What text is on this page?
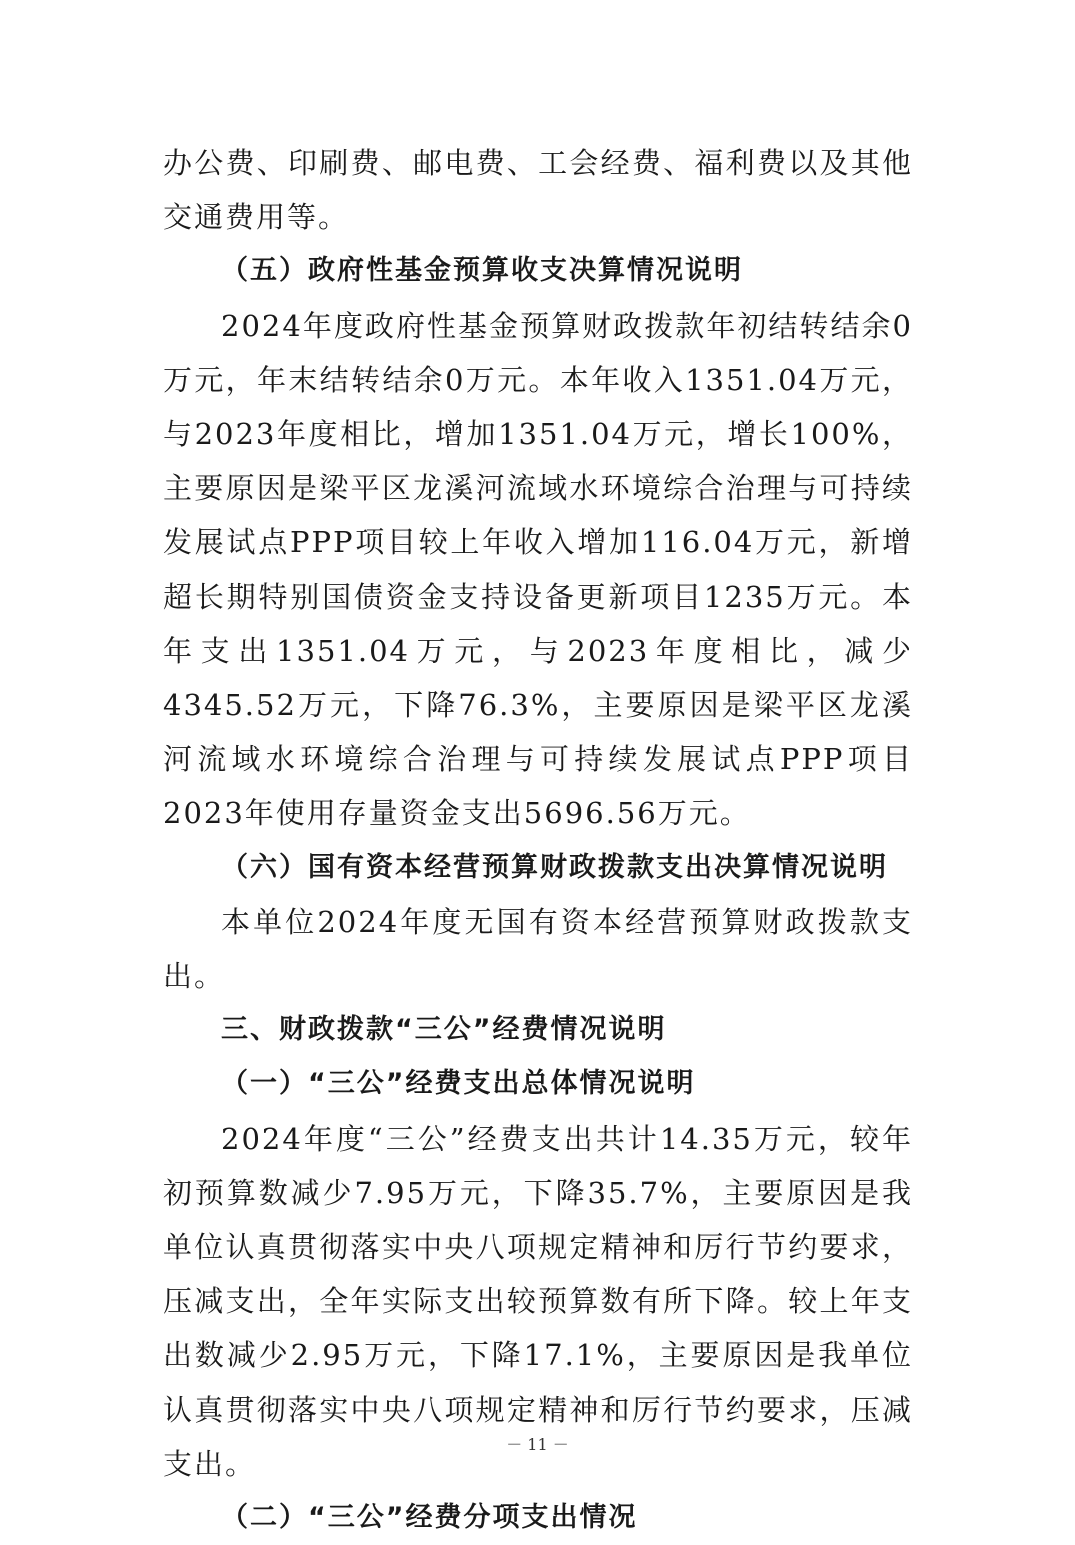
办公费、印刷费、邮电费、工会经费、福利费以及其他交通费用等。

（五）政府性基金预算收支决算情况说明

2024年度政府性基金预算财政拨款年初结转结余0万元，年末结转结余0万元。本年收入1351.04万元，与2023年度相比，增加1351.04万元，增长100%，主要原因是梁平区龙溪河流域水环境综合治理与可持续发展试点PPP项目较上年收入增加116.04万元，新增超长期特别国债资金支持设备更新项目1235万元。本年支出1351.04万元，与2023年度相比，减少4345.52万元，下降76.3%，主要原因是梁平区龙溪河流域水环境综合治理与可持续发展试点PPP项目2023年使用存量资金支出5696.56万元。

（六）国有资本经营预算财政拨款支出决算情况说明

本单位2024年度无国有资本经营预算财政拨款支出。

三、财政拨款“三公”经费情况说明

（一）“三公”经费支出总体情况说明

2024年度“三公”经费支出共计14.35万元，较年初预算数减少7.95万元，下降35.7%，主要原因是我单位认真贯彻落实中央八项规定精神和厉行节约要求，压减支出，全年实际支出较预算数有所下降。较上年支出数减少2.95万元，下降17.1%，主要原因是我单位认真贯彻落实中央八项规定精神和厉行节约要求，压减支出。

（二）“三公”经费分项支出情况

－ 11 －
